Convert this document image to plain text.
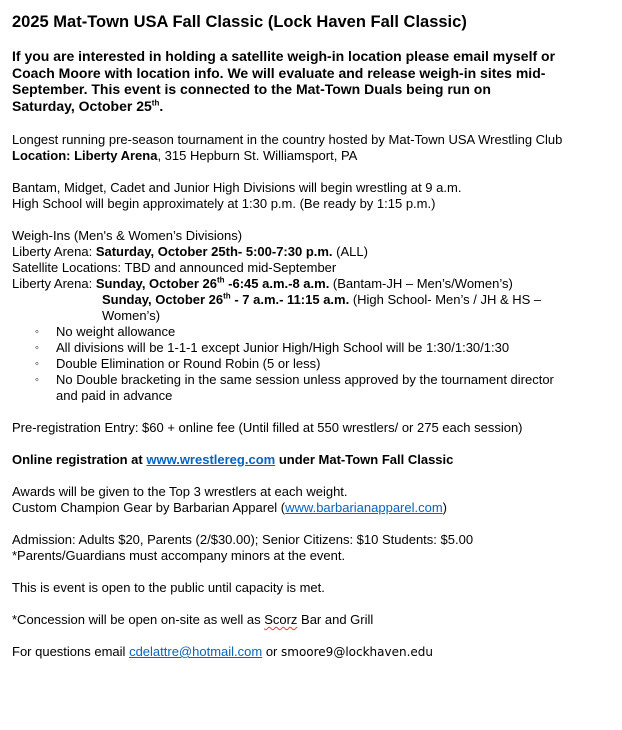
2025 Mat-Town USA Fall Classic (Lock Haven Fall Classic)
If you are interested in holding a satellite weigh-in location please email myself or
Coach Moore with location info. We will evaluate and release weigh-in sites mid-
September. This event is connected to the Mat-Town Duals being run on
Saturday, October 25th.
Longest running pre-season tournament in the country hosted by Mat-Town USA Wrestling Club
Location: Liberty Arena, 315 Hepburn St. Williamsport, PA
Bantam, Midget, Cadet and Junior High Divisions will begin wrestling at 9 a.m.
High School will begin approximately at 1:30 p.m. (Be ready by 1:15 p.m.)
Weigh-Ins (Men's & Women’s Divisions)
Liberty Arena: Saturday, October 25th- 5:00-7:30 p.m. (ALL)
Satellite Locations: TBD and announced mid-September
Liberty Arena: Sunday, October 26th -6:45 a.m.-8 a.m. (Bantam-JH – Men’s/Women’s)
Sunday, October 26th - 7 a.m.- 11:15 a.m. (High School- Men’s / JH & HS –
Women’s)
◦ No weight allowance
◦ All divisions will be 1-1-1 except Junior High/High School will be 1:30/1:30/1:30
◦ Double Elimination or Round Robin (5 or less)
◦ No Double bracketing in the same session unless approved by the tournament director
and paid in advance

Pre-registration Entry: $60 + online fee (Until filled at 550 wrestlers/ or 275 each session)

Online registration at www.wrestlereg.com under Mat-Town Fall Classic

Awards will be given to the Top 3 wrestlers at each weight.
Custom Champion Gear by Barbarian Apparel (www.barbarianapparel.com)
Admission: Adults $20, Parents (2/$30.00); Senior Citizens: $10 Students: $5.00
*Parents/Guardians must accompany minors at the event.

This is event is open to the public until capacity is met.

*Concession will be open on-site as well as Scorz Bar and Grill

For questions email cdelattre@hotmail.com or smoore9@lockhaven.edu
